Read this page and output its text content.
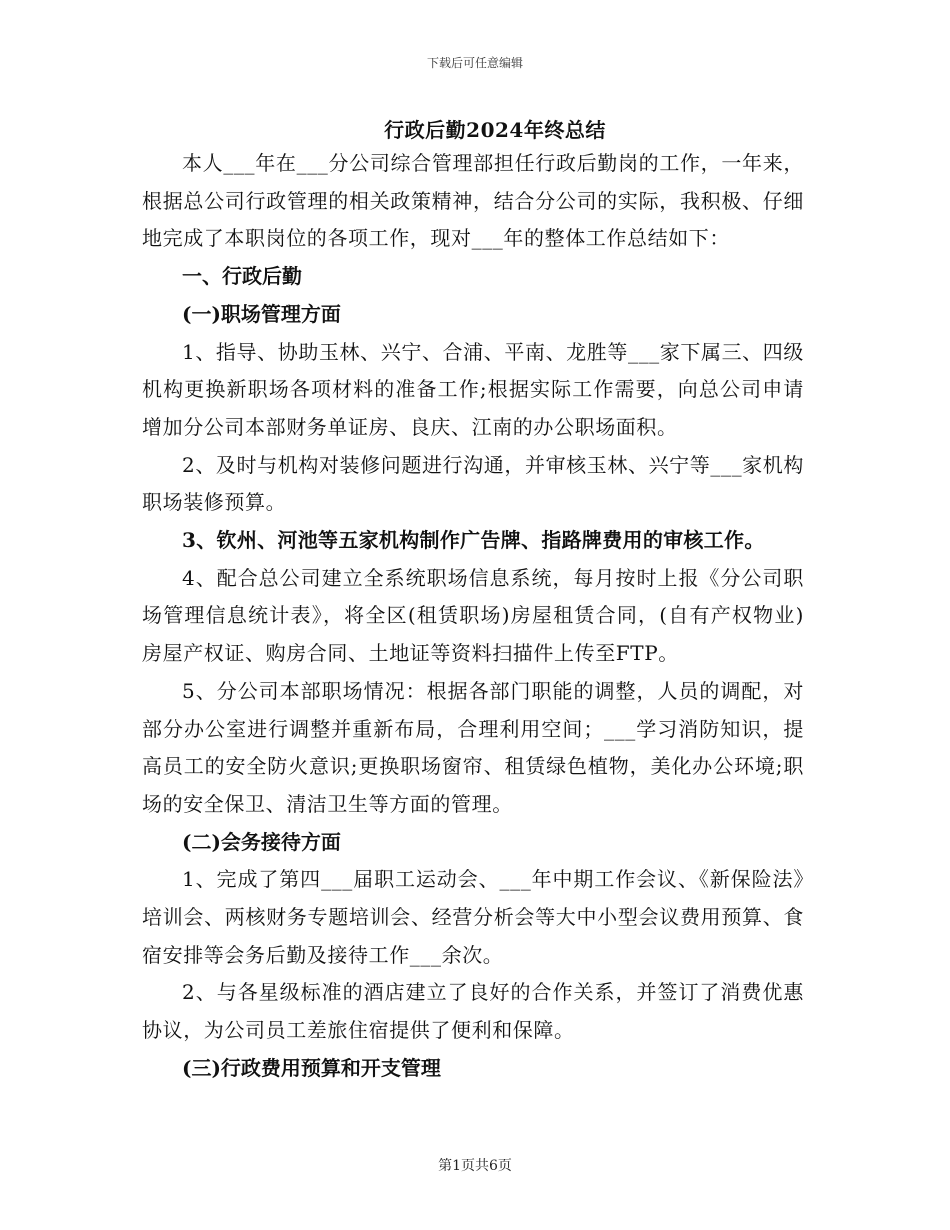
下载后可任意编辑
行政后勤2024年终总结

本人___年在___分公司综合管理部担任行政后勤岗的工作，一年来，根据总公司行政管理的相关政策精神，结合分公司的实际，我积极、仔细地完成了本职岗位的各项工作，现对___年的整体工作总结如下：

一、行政后勤
(一)职场管理方面

1、指导、协助玉林、兴宁、合浦、平南、龙胜等___家下属三、四级机构更换新职场各项材料的准备工作;根据实际工作需要，向总公司申请增加分公司本部财务单证房、良庆、江南的办公职场面积。

2、及时与机构对装修问题进行沟通，并审核玉林、兴宁等___家机构职场装修预算。

3、钦州、河池等五家机构制作广告牌、指路牌费用的审核工作。

4、配合总公司建立全系统职场信息系统，每月按时上报《分公司职场管理信息统计表》，将全区(租赁职场)房屋租赁合同，(自有产权物业)房屋产权证、购房合同、土地证等资料扫描件上传至FTP。

5、分公司本部职场情况：根据各部门职能的调整，人员的调配，对部分办公室进行调整并重新布局，合理利用空间；___学习消防知识，提高员工的安全防火意识;更换职场窗帘、租赁绿色植物，美化办公环境;职场的安全保卫、清洁卫生等方面的管理。

(二)会务接待方面

1、完成了第四___届职工运动会、___年中期工作会议、《新保险法》培训会、两核财务专题培训会、经营分析会等大中小型会议费用预算、食宿安排等会务后勤及接待工作___余次。

2、与各星级标准的酒店建立了良好的合作关系，并签订了消费优惠协议，为公司员工差旅住宿提供了便利和保障。

(三)行政费用预算和开支管理
第1页共6页
